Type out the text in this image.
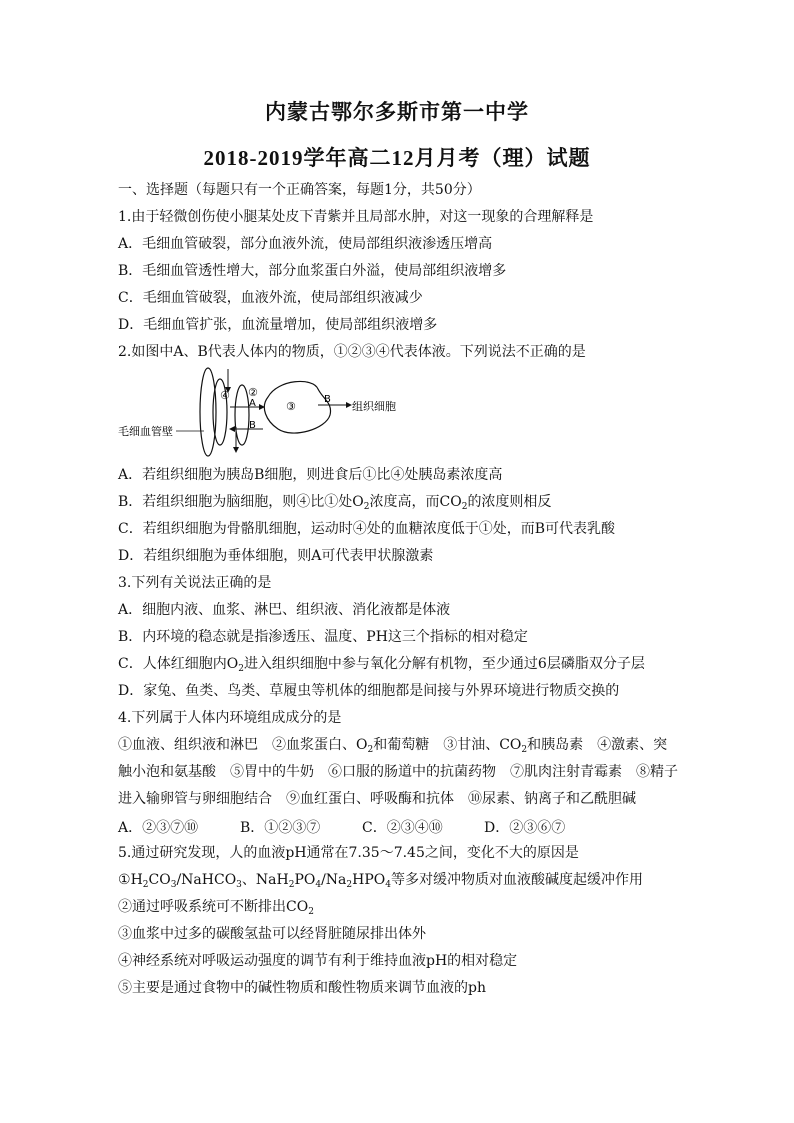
内蒙古鄂尔多斯市第一中学
2018-2019学年高二12月月考（理）试题
一、选择题（每题只有一个正确答案，每题1分，共50分）
1.由于轻微创伤使小腿某处皮下青紫并且局部水肿，对这一现象的合理解释是
A．毛细血管破裂，部分血液外流，使局部组织液渗透压增高
B．毛细血管透性增大，部分血浆蛋白外溢，使局部组织液增多
C．毛细血管破裂，血液外流，使局部组织液减少
D．毛细血管扩张，血流量增加，使局部组织液增多
2.如图中A、B代表人体内的物质，①②③④代表体液。下列说法不正确的是
④ ②
A
B
③
B
组织细胞
毛细血管壁
A．若组织细胞为胰岛B细胞，则进食后①比④处胰岛素浓度高
B．若组织细胞为脑细胞，则④比①处$O_2$浓度高，而$CO_2$的浓度则相反
C．若组织细胞为骨骼肌细胞，运动时④处的血糖浓度低于①处，而B可代表乳酸
D．若组织细胞为垂体细胞，则A可代表甲状腺激素
3.下列有关说法正确的是
A．细胞内液、血浆、淋巴、组织液、消化液都是体液
B．内环境的稳态就是指渗透压、温度、PH这三个指标的相对稳定
C．人体红细胞内$O_2$进入组织细胞中参与氧化分解有机物，至少通过6层磷脂双分子层
D．家兔、鱼类、鸟类、草履虫等机体的细胞都是间接与外界环境进行物质交换的
4.下列属于人体内环境组成成分的是
①血液、组织液和淋巴　②血浆蛋白、$O_2$和葡萄糖　③甘油、$CO_2$和胰岛素　④激素、突
触小泡和氨基酸　⑤胃中的牛奶　⑥口服的肠道中的抗菌药物　⑦肌肉注射青霉素　⑧精子
进入输卵管与卵细胞结合　⑨血红蛋白、呼吸酶和抗体　⑩尿素、钠离子和乙酰胆碱
A．②③⑦⑩	B．①②③⑦	C．②③④⑩	D．②③⑥⑦
5.通过研究发现，人的血液pH通常在7.35～7.45之间，变化不大的原因是
$①H_2CO_3/NaHCO_3$、$NaH_2PO_4/Na_2HPO_4$等多对缓冲物质对血液酸碱度起缓冲作用
②通过呼吸系统可不断排出$CO_2$
③血浆中过多的碳酸氢盐可以经肾脏随尿排出体外
④神经系统对呼吸运动强度的调节有利于维持血液pH的相对稳定
⑤主要是通过食物中的碱性物质和酸性物质来调节血液的ph
